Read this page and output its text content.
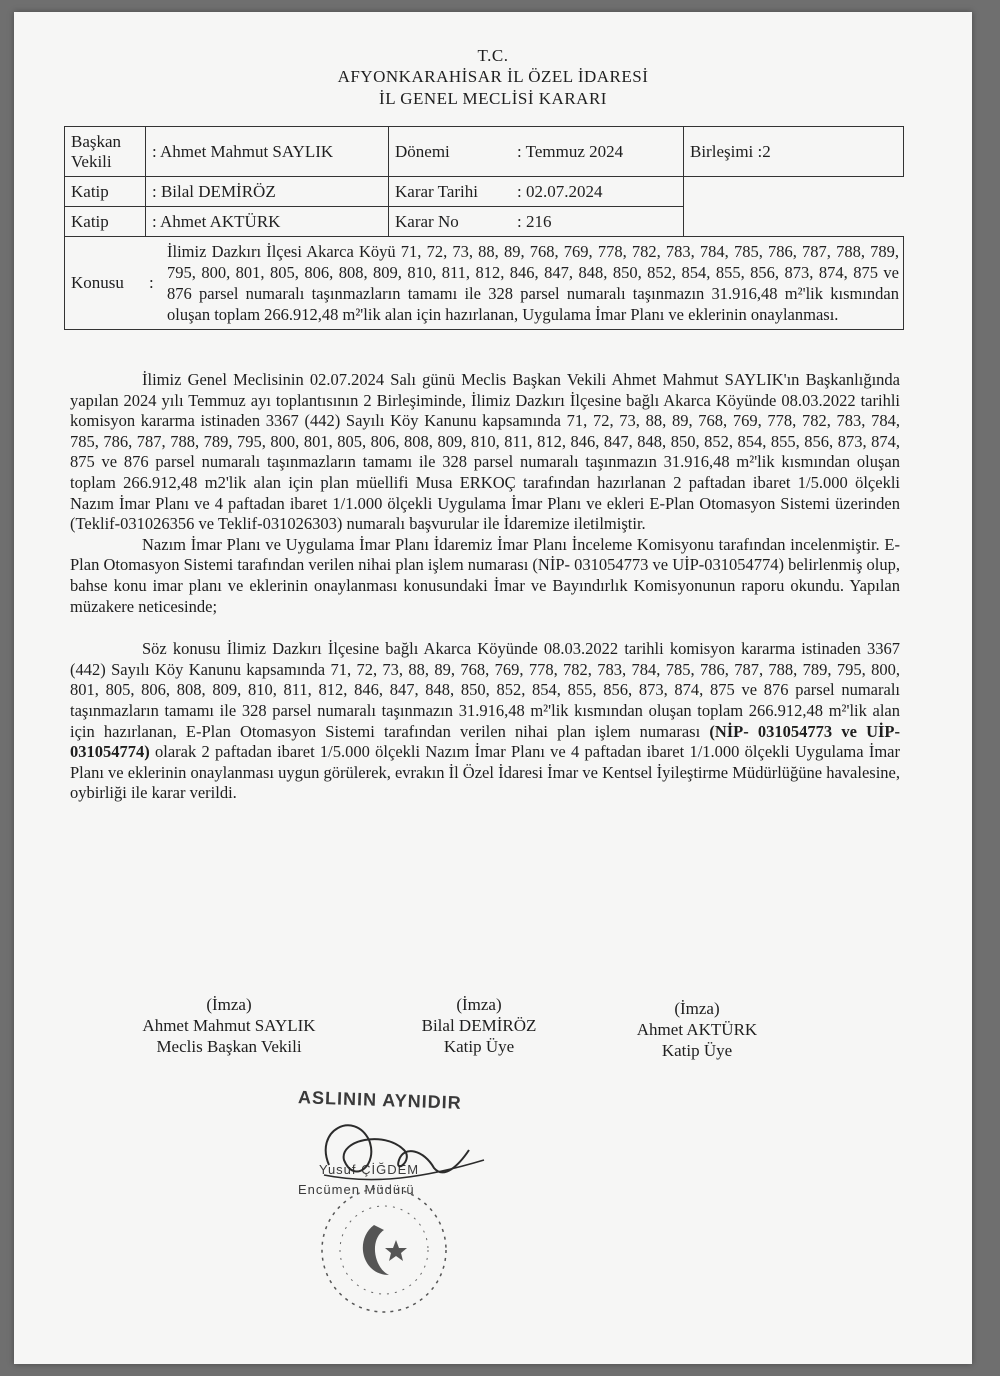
T.C.
AFYONKARAHİSAR İL ÖZEL İDARESİ
İL GENEL MECLİSİ KARARI
Başkan Vekili	: Ahmet Mahmut SAYLIK	Dönemi	: Temmuz 2024	Birleşimi :2
Katip	: Bilal DEMİRÖZ	Karar Tarihi	: 02.07.2024	
Katip	: Ahmet AKTÜRK	Karar No	: 216	

Konusu :
İlimiz Dazkırı İlçesi Akarca Köyü 71, 72, 73, 88, 89, 768, 769, 778, 782, 783, 784, 785, 786, 787, 788, 789, 795, 800, 801, 805, 806, 808, 809, 810, 811, 812, 846, 847, 848, 850, 852, 854, 855, 856, 873, 874, 875 ve 876 parsel numaralı taşınmazların tamamı ile 328 parsel numaralı taşınmazın 31.916,48 m²'lik kısmından oluşan toplam 266.912,48 m²'lik alan için hazırlanan, Uygulama İmar Planı ve eklerinin onaylanması.				

İlimiz Genel Meclisinin 02.07.2024 Salı günü Meclis Başkan Vekili Ahmet Mahmut SAYLIK'ın Başkanlığında yapılan 2024 yılı Temmuz ayı toplantısının 2 Birleşiminde, İlimiz Dazkırı İlçesine bağlı Akarca Köyünde 08.03.2022 tarihli komisyon kararma istinaden 3367 (442) Sayılı Köy Kanunu kapsamında 71, 72, 73, 88, 89, 768, 769, 778, 782, 783, 784, 785, 786, 787, 788, 789, 795, 800, 801, 805, 806, 808, 809, 810, 811, 812, 846, 847, 848, 850, 852, 854, 855, 856, 873, 874, 875 ve 876 parsel numaralı taşınmazların tamamı ile 328 parsel numaralı taşınmazın 31.916,48 m²'lik kısmından oluşan toplam 266.912,48 m2'lik alan için plan müellifi Musa ERKOÇ tarafından hazırlanan 2 paftadan ibaret 1/5.000 ölçekli Nazım İmar Planı ve 4 paftadan ibaret 1/1.000 ölçekli Uygulama İmar Planı ve ekleri E-Plan Otomasyon Sistemi üzerinden (Teklif-031026356 ve Teklif-031026303) numaralı başvurular ile İdaremize iletilmiştir.

Nazım İmar Planı ve Uygulama İmar Planı İdaremiz İmar Planı İnceleme Komisyonu tarafından incelenmiştir. E-Plan Otomasyon Sistemi tarafından verilen nihai plan işlem numarası (NİP- 031054773 ve UİP-031054774) belirlenmiş olup, bahse konu imar planı ve eklerinin onaylanması konusundaki İmar ve Bayındırlık Komisyonunun raporu okundu. Yapılan müzakere neticesinde;

Söz konusu İlimiz Dazkırı İlçesine bağlı Akarca Köyünde 08.03.2022 tarihli komisyon kararma istinaden 3367 (442) Sayılı Köy Kanunu kapsamında 71, 72, 73, 88, 89, 768, 769, 778, 782, 783, 784, 785, 786, 787, 788, 789, 795, 800, 801, 805, 806, 808, 809, 810, 811, 812, 846, 847, 848, 850, 852, 854, 855, 856, 873, 874, 875 ve 876 parsel numaralı taşınmazların tamamı ile 328 parsel numaralı taşınmazın 31.916,48 m²'lik kısmından oluşan toplam 266.912,48 m²'lik alan için hazırlanan, E-Plan Otomasyon Sistemi tarafından verilen nihai plan işlem numarası (NİP- 031054773 ve UİP-031054774) olarak 2 paftadan ibaret 1/5.000 ölçekli Nazım İmar Planı ve 4 paftadan ibaret 1/1.000 ölçekli Uygulama İmar Planı ve eklerinin onaylanması uygun görülerek, evrakın İl Özel İdaresi İmar ve Kentsel İyileştirme Müdürlüğüne havalesine, oybirliği ile karar verildi.

(İmza)
Ahmet Mahmut SAYLIK
Meclis Başkan Vekili
(İmza)
Bilal DEMİRÖZ
Katip Üye
(İmza)
Ahmet AKTÜRK
Katip Üye
ASLININ AYNIDIR
Yusuf ÇİĞDEM
Encümen Müdürü
